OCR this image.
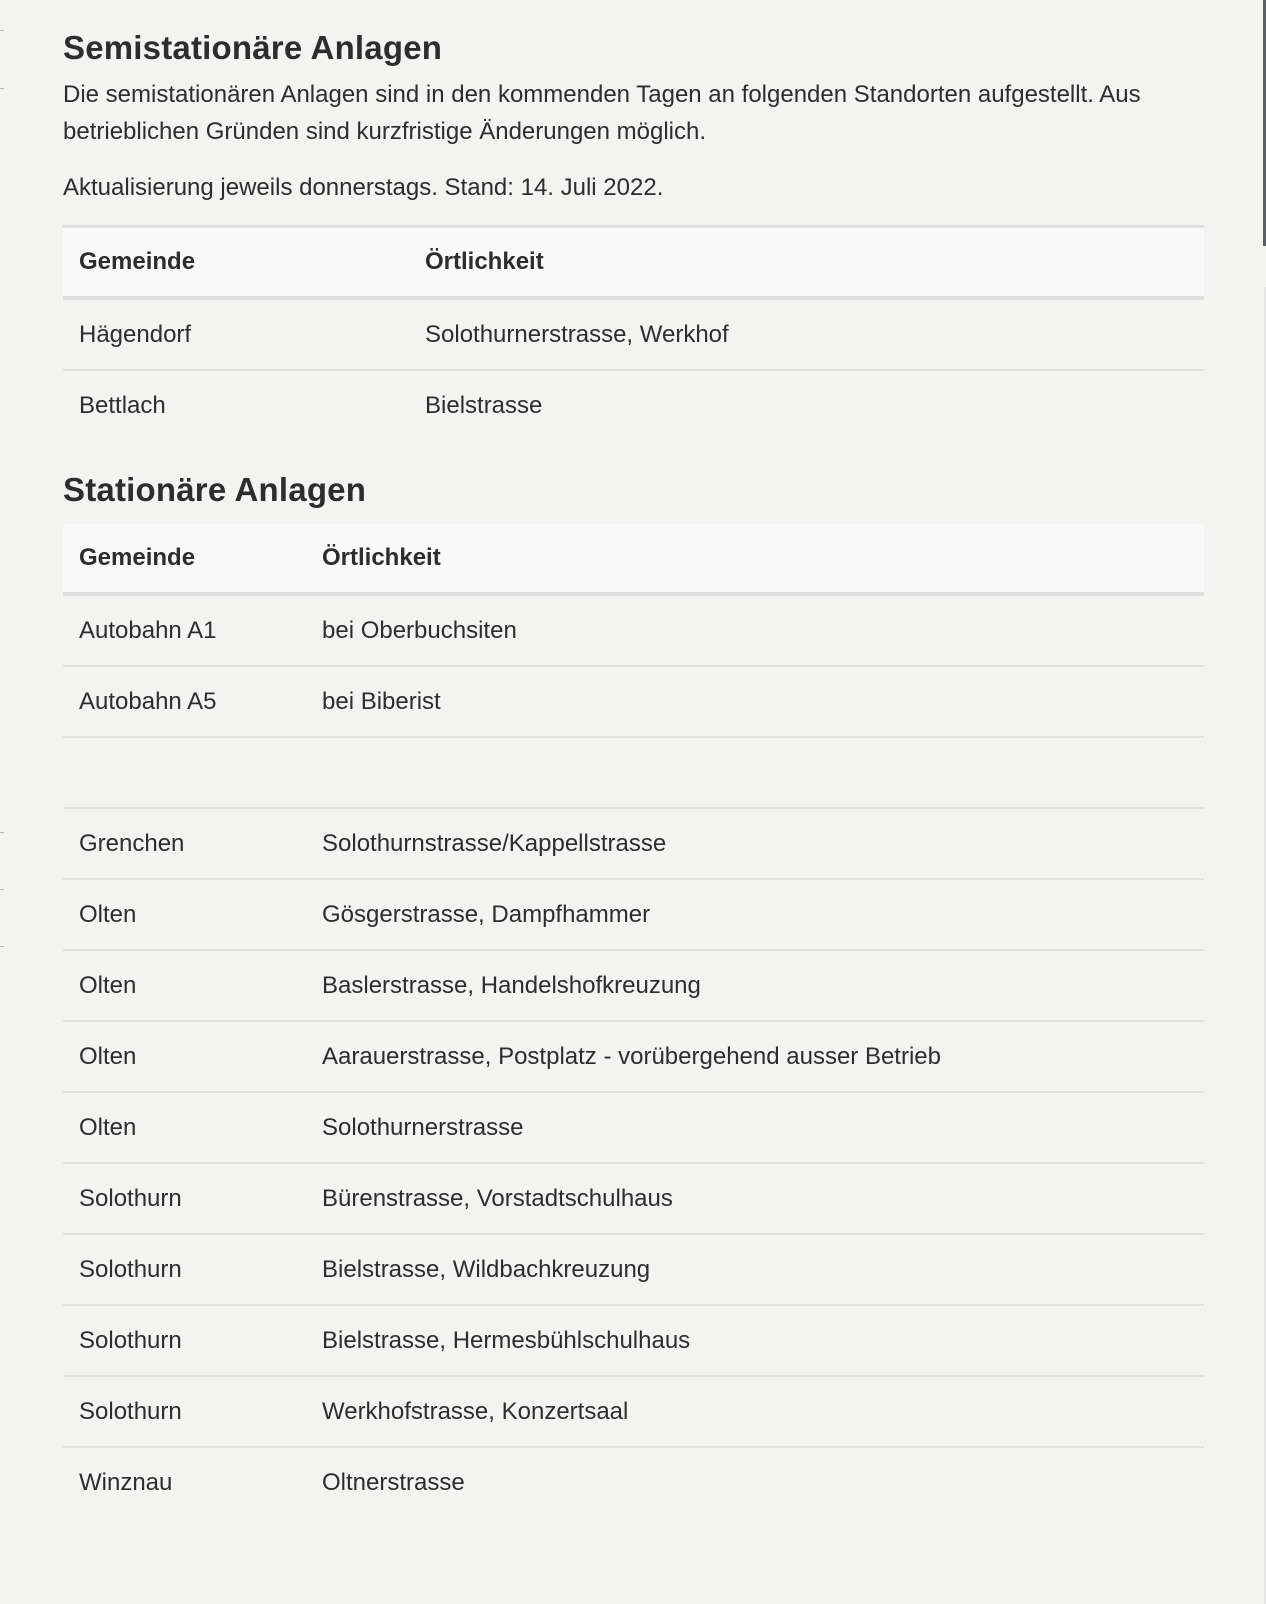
Semistationäre Anlagen

Die semistationären Anlagen sind in den kommenden Tagen an folgenden Standorten aufgestellt. Aus betrieblichen Gründen sind kurzfristige Änderungen möglich.

Aktualisierung jeweils donnerstags. Stand: 14. Juli 2022.

Gemeinde	Örtlichkeit
Hägendorf	Solothurnerstrasse, Werkhof
Bettlach	Bielstrasse
Stationäre Anlagen
Gemeinde	Örtlichkeit
Autobahn A1	bei Oberbuchsiten
Autobahn A5	bei Biberist

Grenchen	Solothurnstrasse/Kappellstrasse
Olten	Gösgerstrasse, Dampfhammer
Olten	Baslerstrasse, Handelshofkreuzung
Olten	Aarauerstrasse, Postplatz - vorübergehend ausser Betrieb
Olten	Solothurnerstrasse
Solothurn	Bürenstrasse, Vorstadtschulhaus
Solothurn	Bielstrasse, Wildbachkreuzung
Solothurn	Bielstrasse, Hermesbühlschulhaus
Solothurn	Werkhofstrasse, Konzertsaal
Winznau	Oltnerstrasse
